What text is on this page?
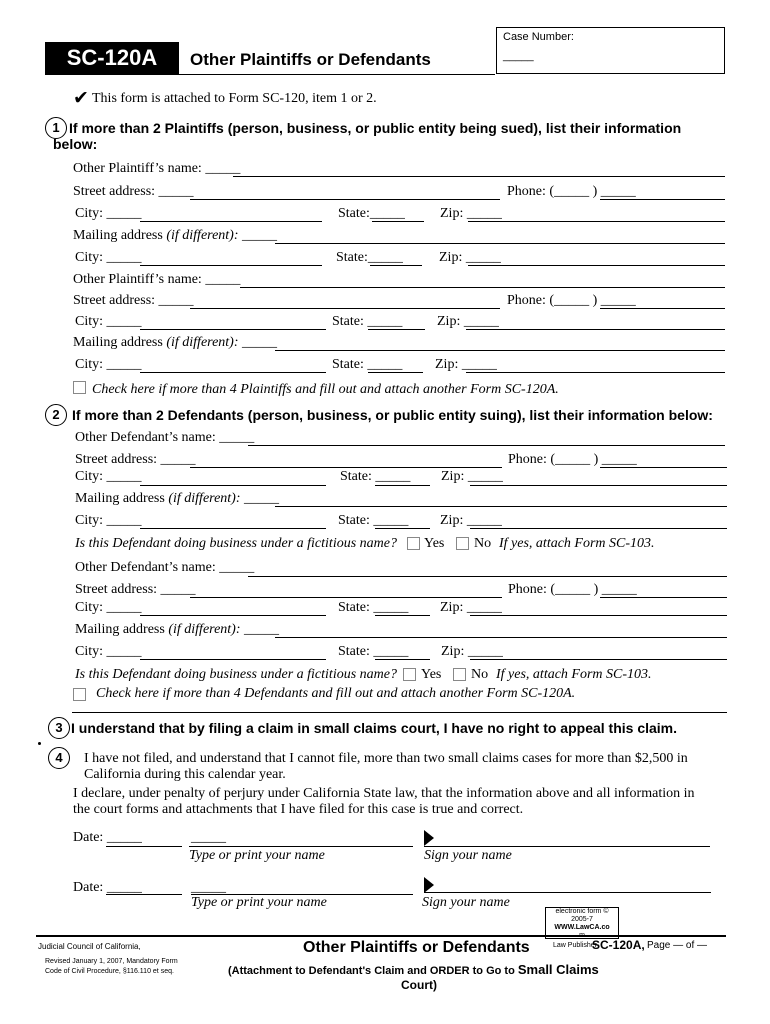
SC-120A	Other Plaintiffs or Defendants
Case Number:
_____
✔ This form is attached to Form SC-120, item 1 or 2.
1 If more than 2 Plaintiffs (person, business, or public entity being sued), list their information below:
Other Plaintiff’s name: _____
Street address: _____	Phone: (_____ ) _____
City: _____	State:_____	Zip: _____
Mailing address (if different): _____
City: _____	State:_____	Zip: _____
Other Plaintiff’s name: _____
Street address: _____	Phone: (_____ ) _____
City: _____	State: _____ Zip: _____
Mailing address (if different): _____
City: _____	State: _____ Zip: _____
Check here if more than 4 Plaintiffs and fill out and attach another Form SC-120A.
2 If more than 2 Defendants (person, business, or public entity suing), list their information below:
Other Defendant’s name: _____
Street address: _____	Phone: (_____ ) _____
City: _____	State: _____ Zip: _____
Mailing address (if different): _____
City: _____	State: _____ Zip: _____
Is this Defendant doing business under a fictitious name? Yes No If yes, attach Form SC-103.
Other Defendant’s name: _____
Street address: _____	Phone: (_____ ) _____
City: _____	State: _____ Zip: _____
Mailing address (if different): _____
City: _____	State: _____ Zip: _____
Is this Defendant doing business under a fictitious name? Yes No If yes, attach Form SC-103.
Check here if more than 4 Defendants and fill out and attach another Form SC-120A.
3 I understand that by filing a claim in small claims court, I have no right to appeal this claim.
4	I have not filed, and understand that I cannot file, more than two small claims cases for more than $2,500 in
California during this calendar year.
I declare, under penalty of perjury under California State law, that the information above and all information in
the court forms and attachments that I have filed for this case is true and correct.
Date: _____	_____
Type or print your name	Sign your name
Date: _____	_____
Type or print your name	Sign your name
electronic form ©
2005-7
WWW.LawCA.co
Judicial Council of California,
Revised January 1, 2007, Mandatory Form
Code of Civil Procedure, §116.110 et seq.
Other Plaintiffs or Defendants
(Attachment to Defendant's Claim and ORDER to Go to Small Claims
Court)
Law Publisher
SC-120A, Page — of —
